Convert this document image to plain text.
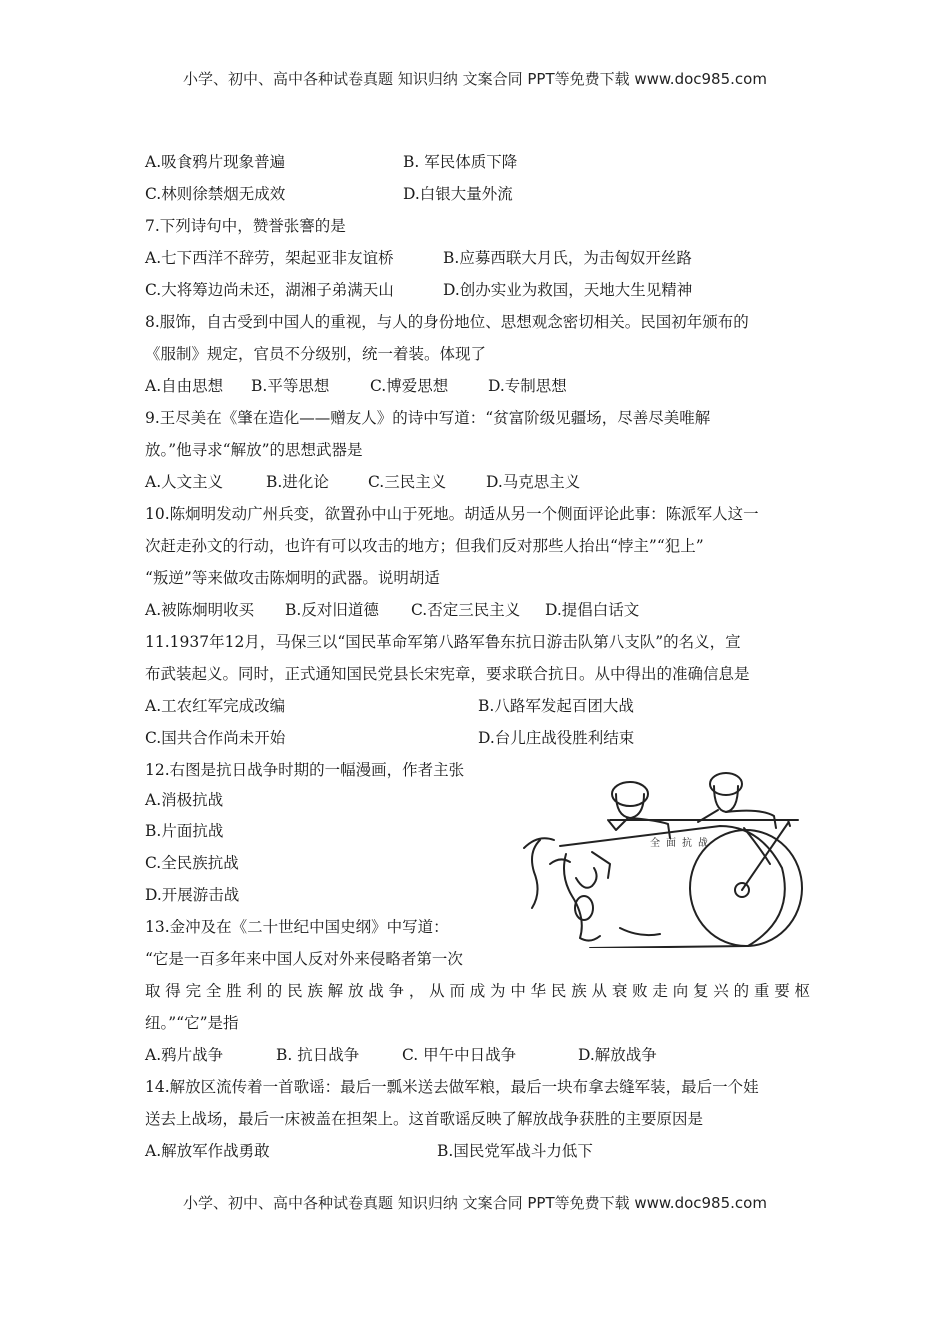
小学、初中、高中各种试卷真题 知识归纳 文案合同 PPT等免费下载 www.doc985.com
A.吸食鸦片现象普遍	B. 军民体质下降
C.林则徐禁烟无成效	D.白银大量外流
7.下列诗句中，赞誉张謇的是
A.七下西洋不辞劳，架起亚非友谊桥	B.应募西联大月氏，为击匈奴开丝路
C.大将筹边尚未还，湖湘子弟满天山	D.创办实业为救国，天地大生见精神
8.服饰，自古受到中国人的重视，与人的身份地位、思想观念密切相关。民国初年颁布的
《服制》规定，官员不分级别，统一着装。体现了
A.自由思想 B.平等思想	C.博爱思想	D.专制思想
9.王尽美在《肇在造化——赠友人》的诗中写道：“贫富阶级见疆场，尽善尽美唯解
放。”他寻求“解放”的思想武器是
A.人文主义	B.进化论	C.三民主义	D.马克思主义
10.陈炯明发动广州兵变，欲置孙中山于死地。胡适从另一个侧面评论此事：陈派军人这一
次赶走孙文的行动，也许有可以攻击的地方；但我们反对那些人抬出“悖主”“犯上”
“叛逆”等来做攻击陈炯明的武器。说明胡适
A.被陈炯明收买 B.反对旧道德 C.否定三民主义 D.提倡白话文
11.1937年12月，马保三以“国民革命军第八路军鲁东抗日游击队第八支队”的名义，宣
布武装起义。同时，正式通知国民党县长宋宪章，要求联合抗日。从中得出的准确信息是
A.工农红军完成改编	B.八路军发起百团大战
C.国共合作尚未开始	D.台儿庄战役胜利结束
12.右图是抗日战争时期的一幅漫画，作者主张
A.消极抗战
B.片面抗战
C.全民族抗战
D.开展游击战
全面抗战
13.金冲及在《二十世纪中国史纲》中写道：
“它是一百多年来中国人反对外来侵略者第一次
取得完全胜利的民族解放战争，从而成为中华民族从衰败走向复兴的重要枢
纽。”“它”是指
A.鸦片战争	B. 抗日战争	C. 甲午中日战争	D.解放战争
14.解放区流传着一首歌谣：最后一瓢米送去做军粮，最后一块布拿去缝军装，最后一个娃
送去上战场，最后一床被盖在担架上。这首歌谣反映了解放战争获胜的主要原因是
A.解放军作战勇敢	B.国民党军战斗力低下
小学、初中、高中各种试卷真题 知识归纳 文案合同 PPT等免费下载 www.doc985.com
